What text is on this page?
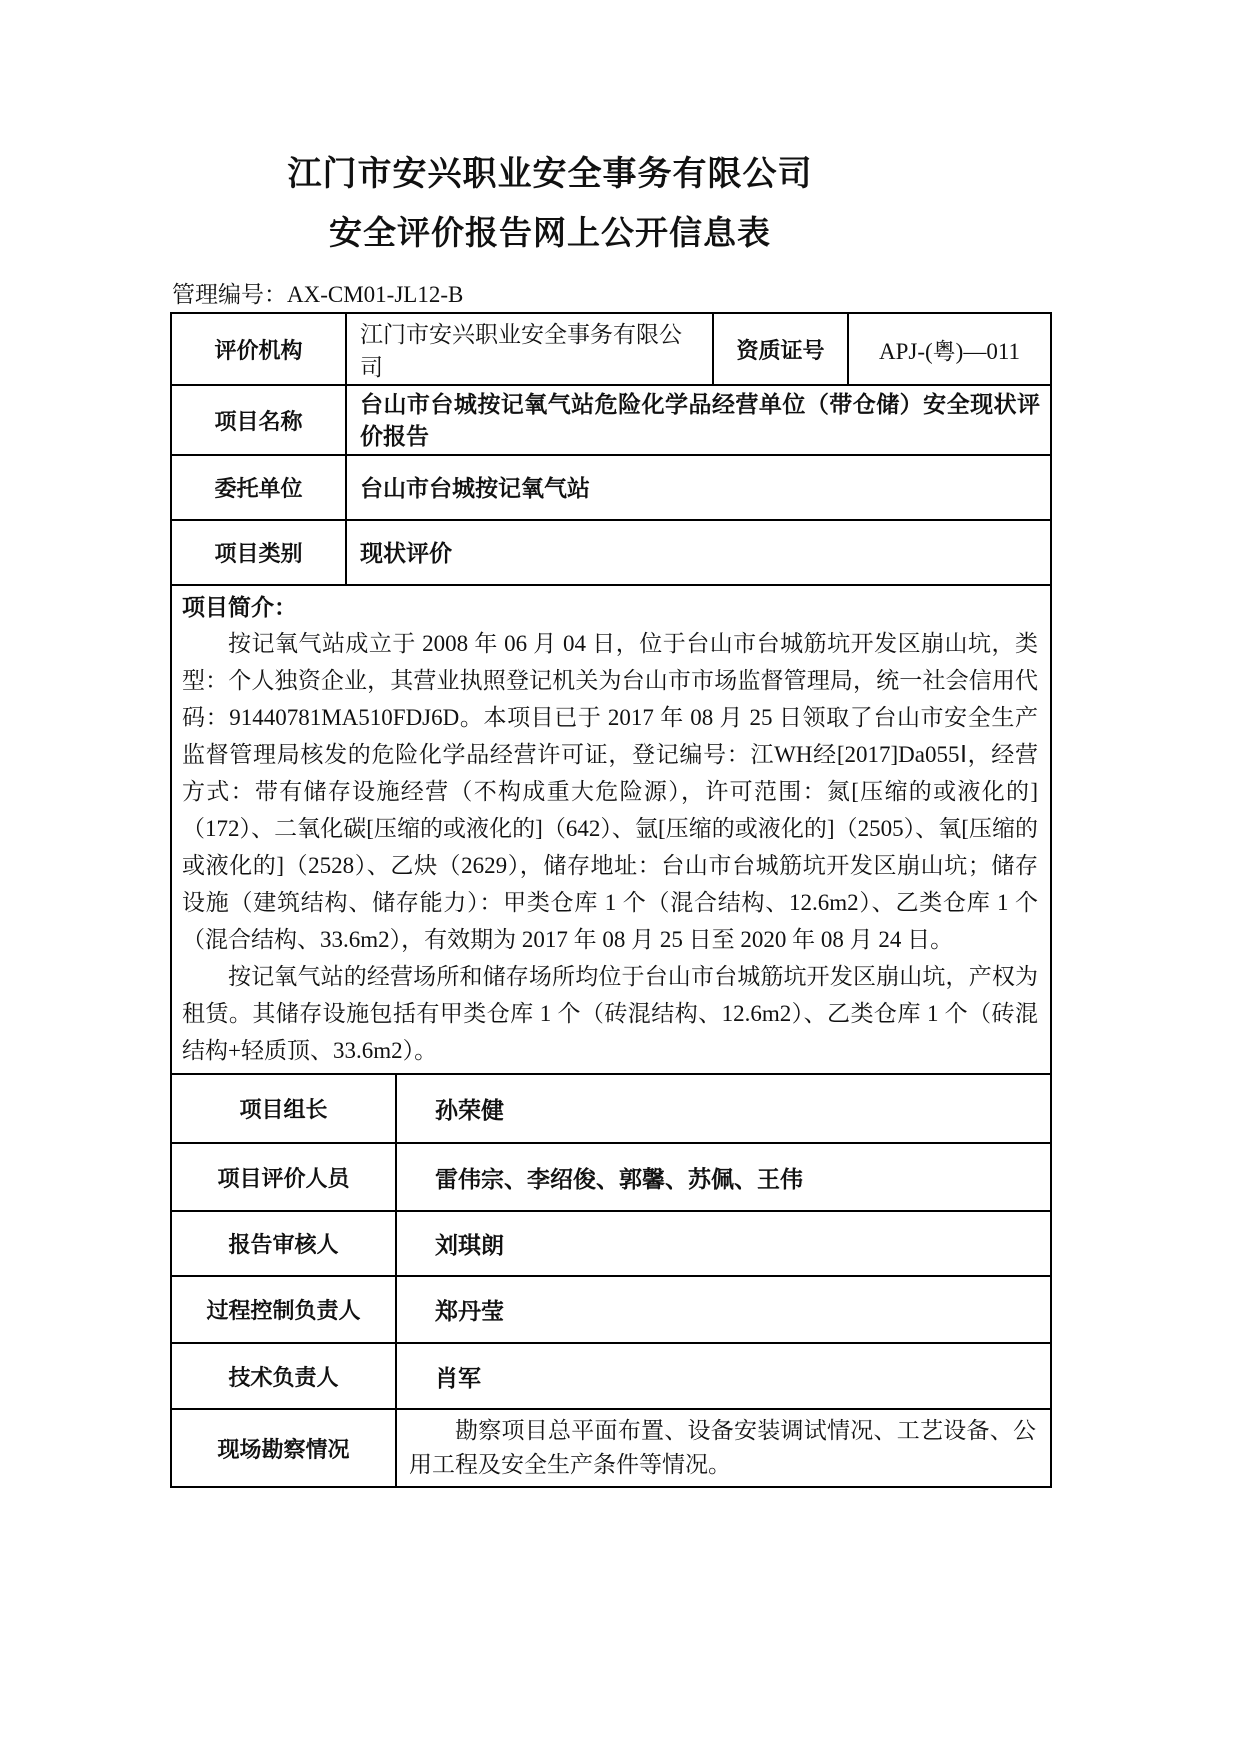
江门市安兴职业安全事务有限公司
安全评价报告网上公开信息表
管理编号：AX-CM01-JL12-B
评价机构	江门市安兴职业安全事务有限公司		资质证号	APJ-(粤)—011
项目名称	台山市台城按记氧气站危险化学品经营单位（带仓储）安全现状评价报告			
委托单位	台山市台城按记氧气站			
项目类别	现状评价			

项目简介：

按记氧气站成立于 2008 年 06 月 04 日，位于台山市台城筋坑开发区崩山坑，类型：个人独资企业，其营业执照登记机关为台山市市场监督管理局，统一社会信用代码：91440781MA510FDJ6D。本项目已于 2017 年 08 月 25 日领取了台山市安全生产监督管理局核发的危险化学品经营许可证，登记编号：江WH经[2017]Da055Ⅰ，经营方式：带有储存设施经营（不构成重大危险源），许可范围：氮[压缩的或液化的]（172）、二氧化碳[压缩的或液化的]（642）、氩[压缩的或液化的]（2505）、氧[压缩的或液化的]（2528）、乙炔（2629），储存地址：台山市台城筋坑开发区崩山坑；储存设施（建筑结构、储存能力）：甲类仓库 1 个（混合结构、12.6m2）、乙类仓库 1 个（混合结构、33.6m2），有效期为 2017 年 08 月 25 日至 2020 年 08 月 24 日。

按记氧气站的经营场所和储存场所均位于台山市台城筋坑开发区崩山坑，产权为租赁。其储存设施包括有甲类仓库 1 个（砖混结构、12.6m2）、乙类仓库 1 个（砖混结构+轻质顶、33.6m2）。				

项目组长		孙荣健		
项目评价人员		雷伟宗、李绍俊、郭馨、苏佩、王伟		
报告审核人		刘琪朗		
过程控制负责人		郑丹莹		
技术负责人		肖军		
现场勘察情况		勘察项目总平面布置、设备安装调试情况、工艺设备、公用工程及安全生产条件等情况。		
